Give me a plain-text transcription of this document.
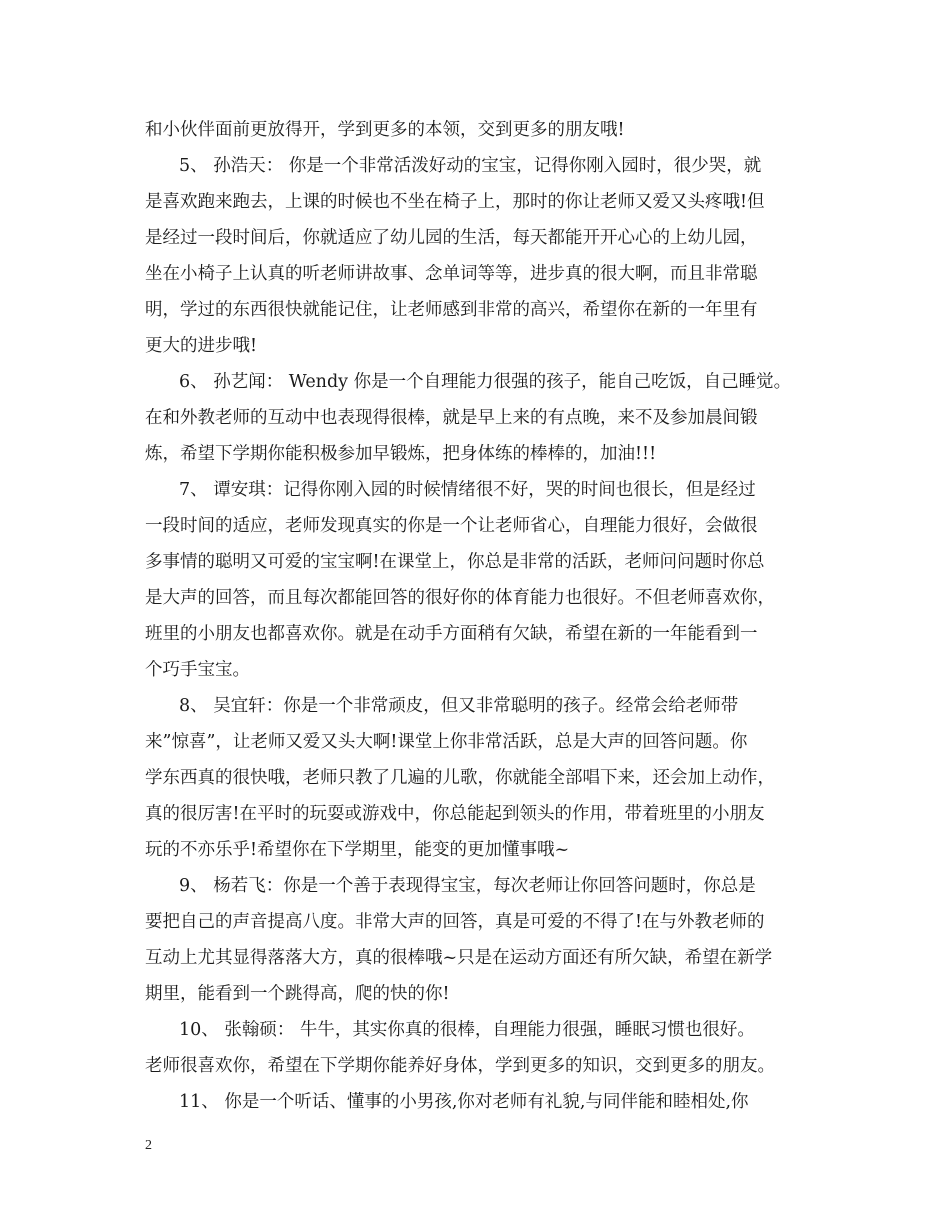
和小伙伴面前更放得开，学到更多的本领，交到更多的朋友哦!

5、 孙浩天： 你是一个非常活泼好动的宝宝，记得你刚入园时，很少哭，就
是喜欢跑来跑去，上课的时候也不坐在椅子上，那时的你让老师又爱又头疼哦!但
是经过一段时间后，你就适应了幼儿园的生活，每天都能开开心心的上幼儿园，
坐在小椅子上认真的听老师讲故事、念单词等等，进步真的很大啊，而且非常聪
明，学过的东西很快就能记住，让老师感到非常的高兴，希望你在新的一年里有
更大的进步哦!

6、 孙艺闻： Wendy 你是一个自理能力很强的孩子，能自己吃饭，自己睡觉。
在和外教老师的互动中也表现得很棒，就是早上来的有点晚，来不及参加晨间锻
炼，希望下学期你能积极参加早锻炼，把身体练的棒棒的，加油!!!

7、 谭安琪：记得你刚入园的时候情绪很不好，哭的时间也很长，但是经过
一段时间的适应，老师发现真实的你是一个让老师省心，自理能力很好，会做很
多事情的聪明又可爱的宝宝啊!在课堂上，你总是非常的活跃，老师问问题时你总
是大声的回答，而且每次都能回答的很好你的体育能力也很好。不但老师喜欢你，
班里的小朋友也都喜欢你。就是在动手方面稍有欠缺，希望在新的一年能看到一
个巧手宝宝。

8、 吴宜轩：你是一个非常顽皮，但又非常聪明的孩子。经常会给老师带
来”惊喜”，让老师又爱又头大啊!课堂上你非常活跃，总是大声的回答问题。你
学东西真的很快哦，老师只教了几遍的儿歌，你就能全部唱下来，还会加上动作，
真的很厉害!在平时的玩耍或游戏中，你总能起到领头的作用，带着班里的小朋友
玩的不亦乐乎!希望你在下学期里，能变的更加懂事哦~

9、 杨若飞：你是一个善于表现得宝宝，每次老师让你回答问题时，你总是
要把自己的声音提高八度。非常大声的回答，真是可爱的不得了!在与外教老师的
互动上尤其显得落落大方，真的很棒哦~只是在运动方面还有所欠缺，希望在新学
期里，能看到一个跳得高，爬的快的你!

10、 张翰硕： 牛牛，其实你真的很棒，自理能力很强，睡眠习惯也很好。
老师很喜欢你，希望在下学期你能养好身体，学到更多的知识，交到更多的朋友。

11、 你是一个听话、懂事的小男孩,你对老师有礼貌,与同伴能和睦相处,你

2
